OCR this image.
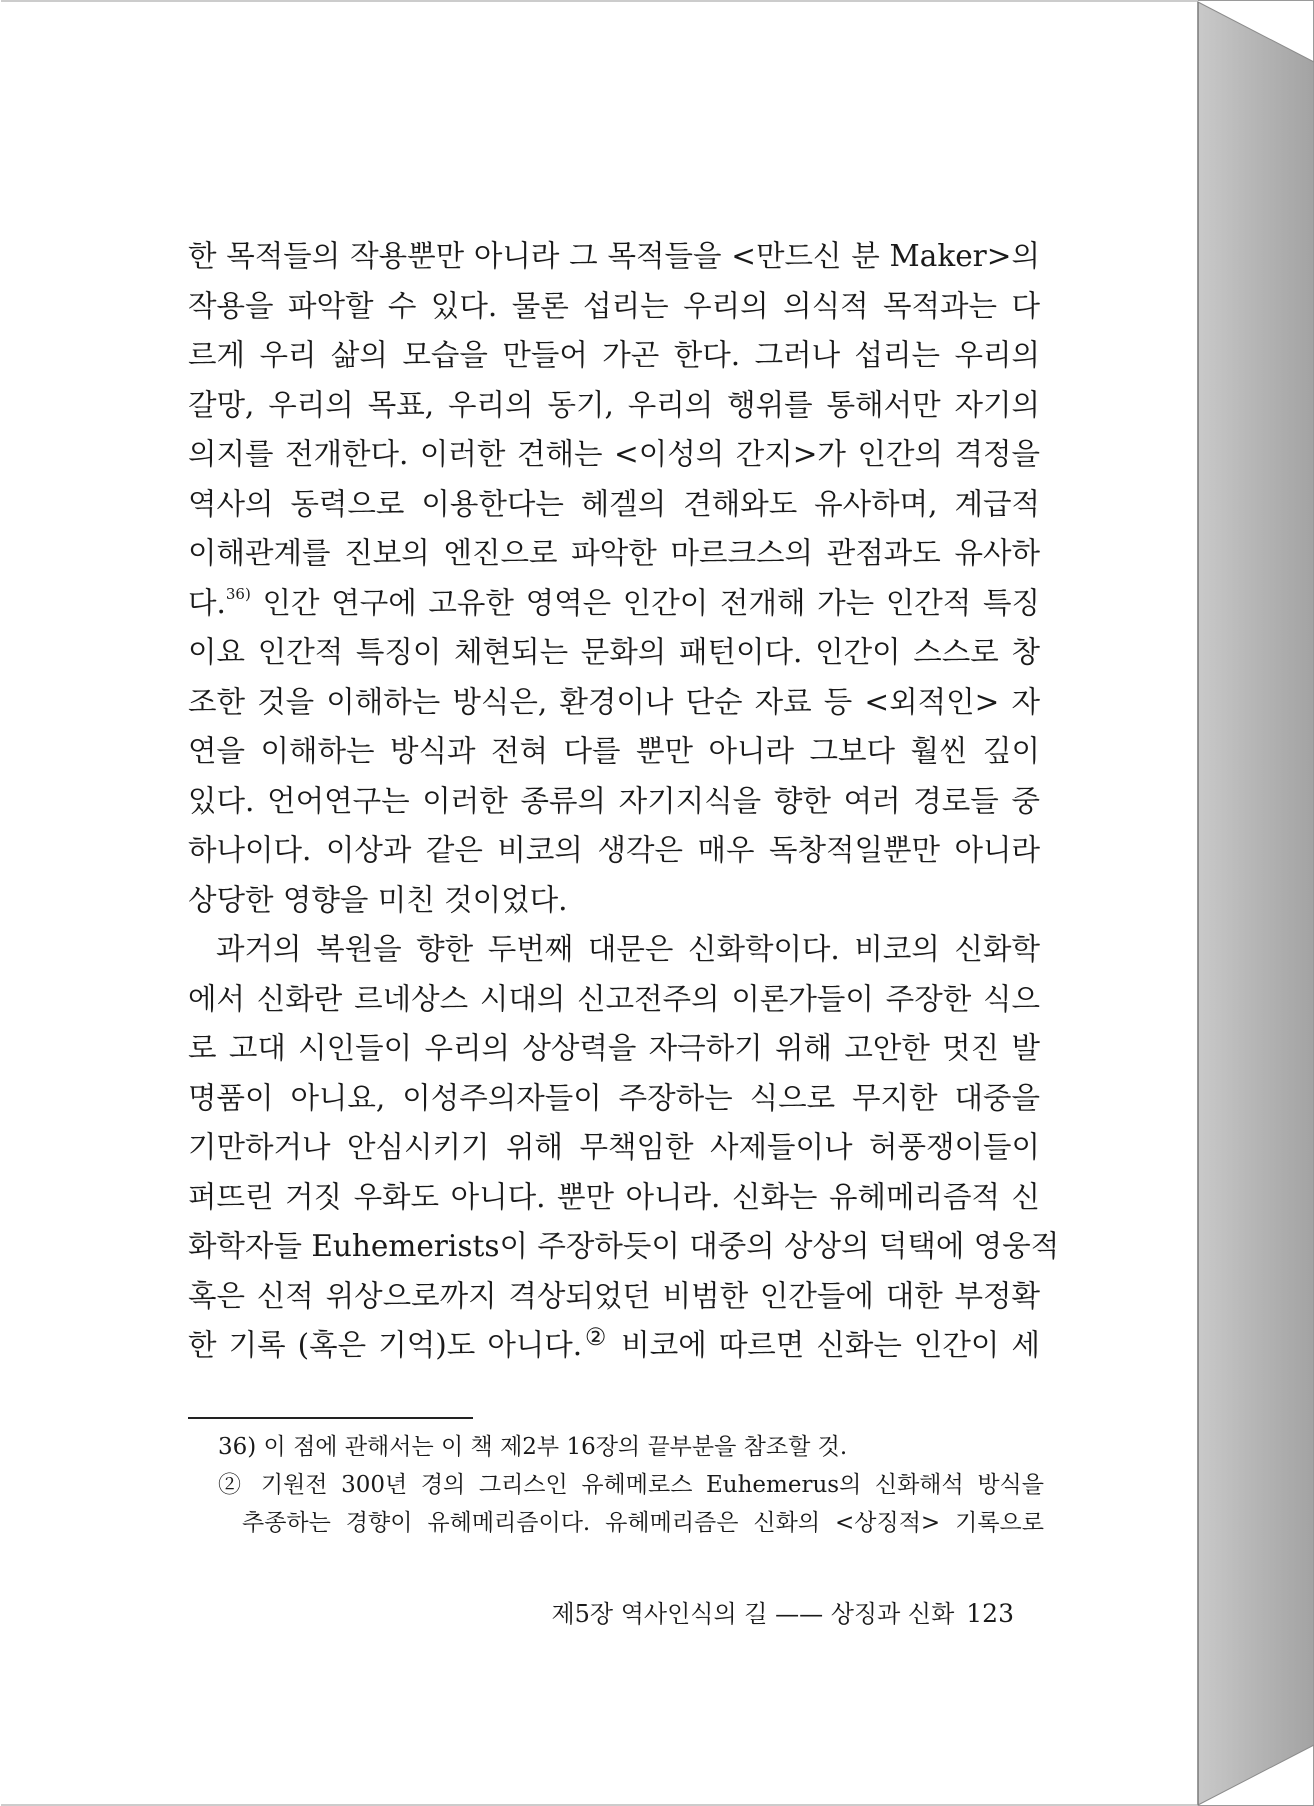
한 목적들의 작용뿐만 아니라 그 목적들을 <만드신 분 Maker>의
작용을 파악할 수 있다. 물론 섭리는 우리의 의식적 목적과는 다
르게 우리 삶의 모습을 만들어 가곤 한다. 그러나 섭리는 우리의
갈망, 우리의 목표, 우리의 동기, 우리의 행위를 통해서만 자기의
의지를 전개한다. 이러한 견해는 <이성의 간지>가 인간의 격정을
역사의 동력으로 이용한다는 헤겔의 견해와도 유사하며, 계급적
이해관계를 진보의 엔진으로 파악한 마르크스의 관점과도 유사하
다.$^{36)}$ 인간 연구에 고유한 영역은 인간이 전개해 가는 인간적 특징
이요 인간적 특징이 체현되는 문화의 패턴이다. 인간이 스스로 창
조한 것을 이해하는 방식은, 환경이나 단순 자료 등 <외적인> 자
연을 이해하는 방식과 전혀 다를 뿐만 아니라 그보다 훨씬 깊이
있다. 언어연구는 이러한 종류의 자기지식을 향한 여러 경로들 중
하나이다. 이상과 같은 비코의 생각은 매우 독창적일뿐만 아니라
상당한 영향을 미친 것이었다.
과거의 복원을 향한 두번째 대문은 신화학이다. 비코의 신화학
에서 신화란 르네상스 시대의 신고전주의 이론가들이 주장한 식으
로 고대 시인들이 우리의 상상력을 자극하기 위해 고안한 멋진 발
명품이 아니요, 이성주의자들이 주장하는 식으로 무지한 대중을
기만하거나 안심시키기 위해 무책임한 사제들이나 허풍쟁이들이
퍼뜨린 거짓 우화도 아니다. 뿐만 아니라. 신화는 유헤메리즘적 신
화학자들 Euhemerists이 주장하듯이 대중의 상상의 덕택에 영웅적
혹은 신적 위상으로까지 격상되었던 비범한 인간들에 대한 부정확
한 기록 (혹은 기억)도 아니다.② 비코에 따르면 신화는 인간이 세
36) 이 점에 관해서는 이 책 제2부 16장의 끝부분을 참조할 것.
② 기원전 300년 경의 그리스인 유헤메로스 Euhemerus의 신화해석 방식을
추종하는 경향이 유헤메리즘이다. 유헤메리즘은 신화의 <상징적> 기록으로
제5장 역사인식의 길 —— 상징과 신화 123
